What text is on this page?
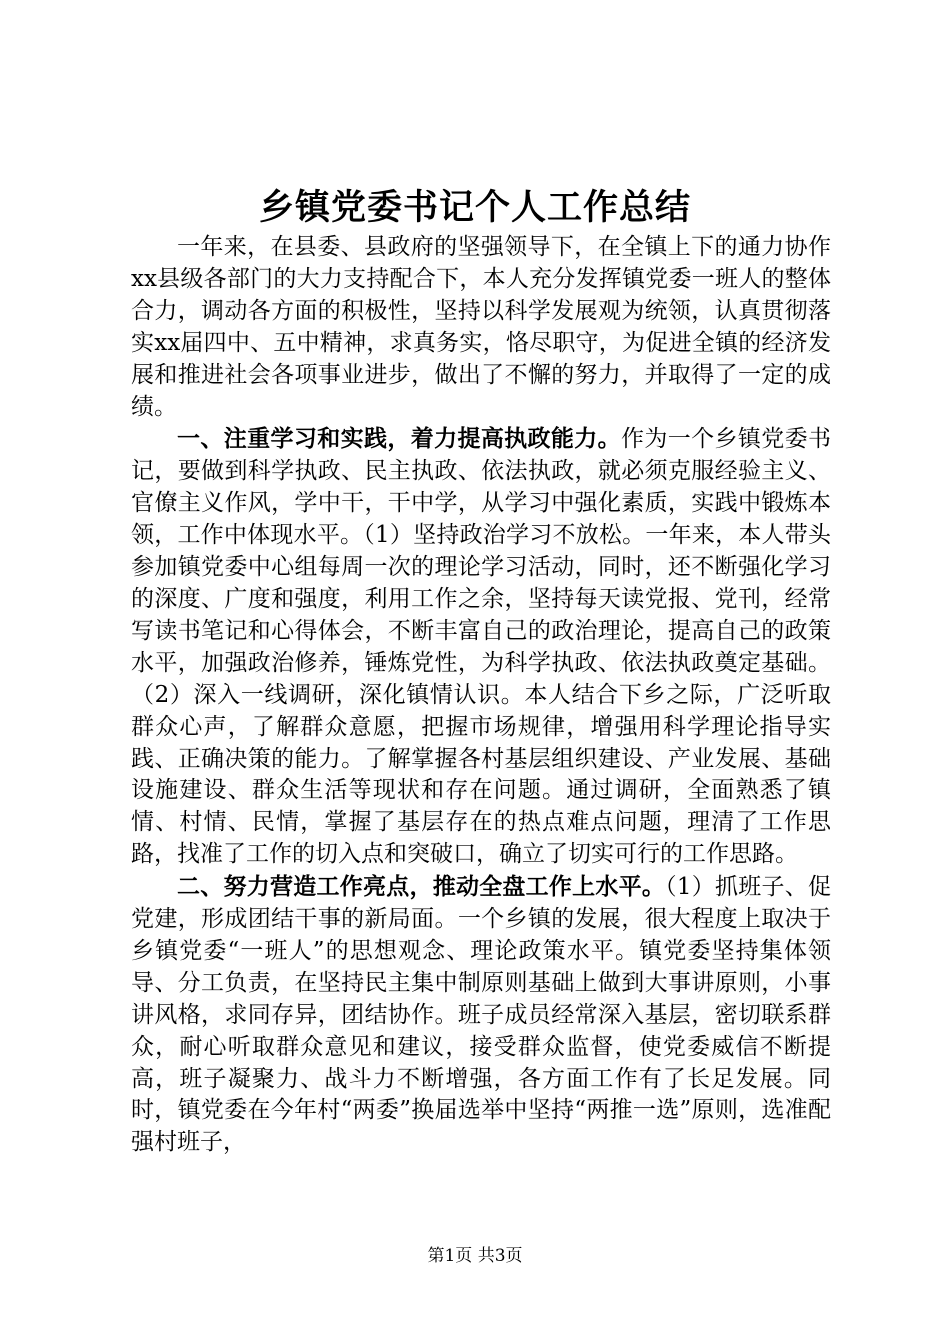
乡镇党委书记个人工作总结

一年来，在县委、县政府的坚强领导下，在全镇上下的通力协作xx县级各部门的大力支持配合下，本人充分发挥镇党委一班人的整体合力，调动各方面的积极性，坚持以科学发展观为统领，认真贯彻落实xx届四中、五中精神，求真务实，恪尽职守，为促进全镇的经济发展和推进社会各项事业进步，做出了不懈的努力，并取得了一定的成绩。

一、注重学习和实践，着力提高执政能力。作为一个乡镇党委书记，要做到科学执政、民主执政、依法执政，就必须克服经验主义、官僚主义作风，学中干，干中学，从学习中强化素质，实践中锻炼本领，工作中体现水平。（1）坚持政治学习不放松。一年来，本人带头参加镇党委中心组每周一次的理论学习活动，同时，还不断强化学习的深度、广度和强度，利用工作之余，坚持每天读党报、党刊，经常写读书笔记和心得体会，不断丰富自己的政治理论，提高自己的政策水平，加强政治修养，锤炼党性，为科学执政、依法执政奠定基础。（2）深入一线调研，深化镇情认识。本人结合下乡之际，广泛听取群众心声，了解群众意愿，把握市场规律，增强用科学理论指导实践、正确决策的能力。了解掌握各村基层组织建设、产业发展、基础设施建设、群众生活等现状和存在问题。通过调研，全面熟悉了镇情、村情、民情，掌握了基层存在的热点难点问题，理清了工作思路，找准了工作的切入点和突破口，确立了切实可行的工作思路。

二、努力营造工作亮点，推动全盘工作上水平。（1）抓班子、促党建，形成团结干事的新局面。一个乡镇的发展，很大程度上取决于乡镇党委“一班人”的思想观念、理论政策水平。镇党委坚持集体领导、分工负责，在坚持民主集中制原则基础上做到大事讲原则，小事讲风格，求同存异，团结协作。班子成员经常深入基层，密切联系群众，耐心听取群众意见和建议，接受群众监督，使党委威信不断提高，班子凝聚力、战斗力不断增强，各方面工作有了长足发展。同时，镇党委在今年村“两委”换届选举中坚持“两推一选”原则，选准配强村班子，

第1页 共3页
